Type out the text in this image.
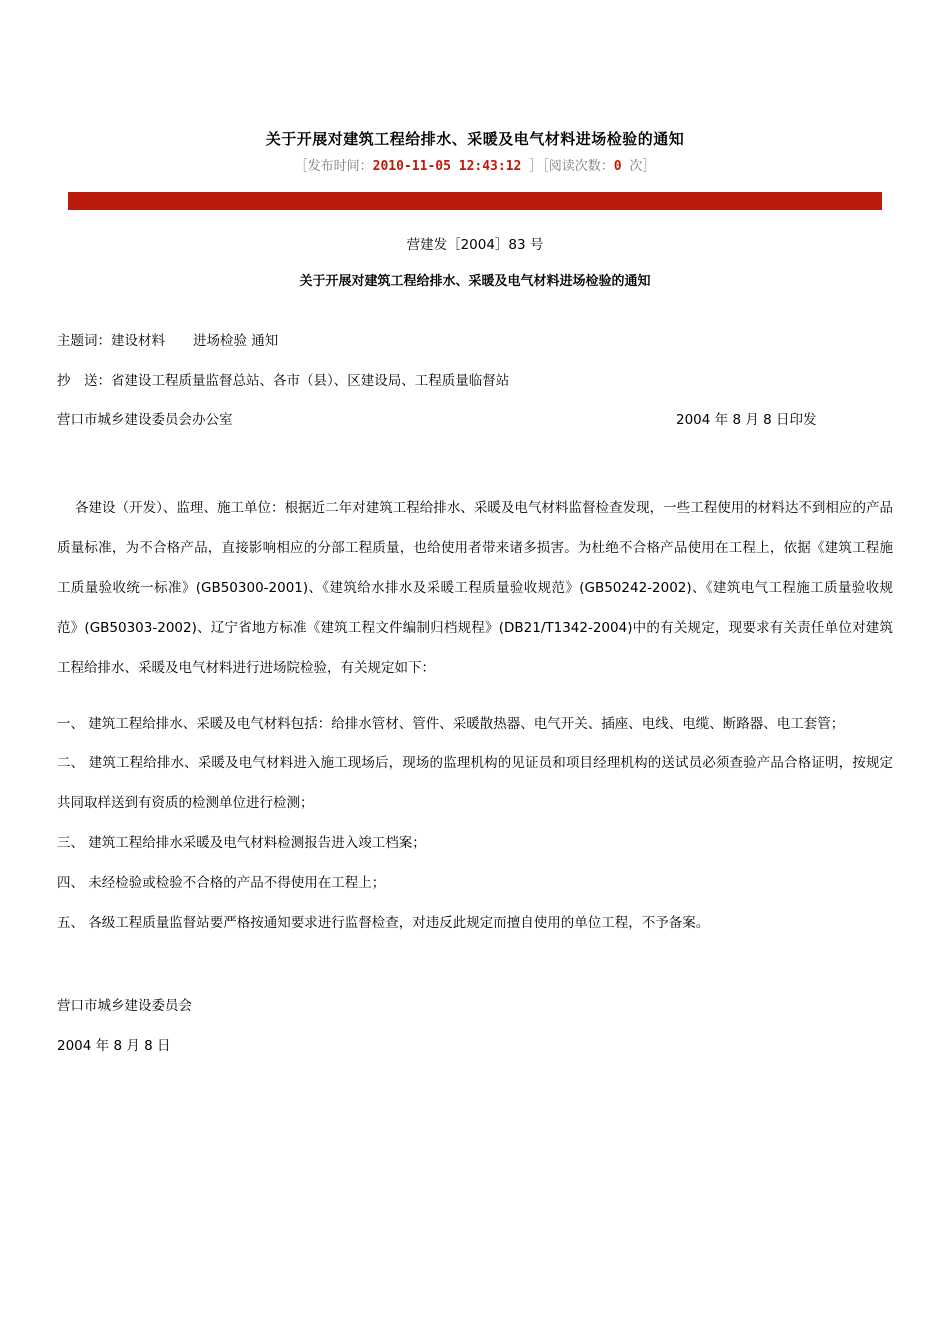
关于开展对建筑工程给排水、采暖及电气材料进场检验的通知
［发布时间：2010-11-05 12:43:12 ］［阅读次数：0 次］
营建发［2004］83 号
关于开展对建筑工程给排水、采暖及电气材料进场检验的通知
主题词：建设材料 进场检验 通知
抄　送：省建设工程质量监督总站、各市（县）、区建设局、工程质量临督站
营口市城乡建设委员会办公室	2004 年 8 月 8 日印发
各建设（开发）、监理、施工单位：根据近二年对建筑工程给排水、采暖及电气材料监督检查发现，一些工程使用的材料达不到相应的产品质量标准，为不合格产品，直接影响相应的分部工程质量，也给使用者带来诸多损害。为杜绝不合格产品使用在工程上，依据《建筑工程施工质量验收统一标准》(GB50300-2001)、《建筑给水排水及采暖工程质量验收规范》(GB50242-2002)、《建筑电气工程施工质量验收规范》(GB50303-2002)、辽宁省地方标准《建筑工程文件编制归档规程》(DB21/T1342-2004)中的有关规定，现要求有关责任单位对建筑工程给排水、采暖及电气材料进行进场院检验，有关规定如下：
一、 建筑工程给排水、采暖及电气材料包括：给排水管材、管件、采暖散热器、电气开关、插座、电线、电缆、断路器、电工套管；
二、 建筑工程给排水、采暖及电气材料进入施工现场后，现场的监理机构的见证员和项目经理机构的送试员必须查验产品合格证明，按规定共同取样送到有资质的检测单位进行检测；
三、 建筑工程给排水采暖及电气材料检测报告进入竣工档案；
四、 未经检验或检验不合格的产品不得使用在工程上；
五、 各级工程质量监督站要严格按通知要求进行监督检查，对违反此规定而擅自使用的单位工程，不予备案。
营口市城乡建设委员会
2004 年 8 月 8 日
